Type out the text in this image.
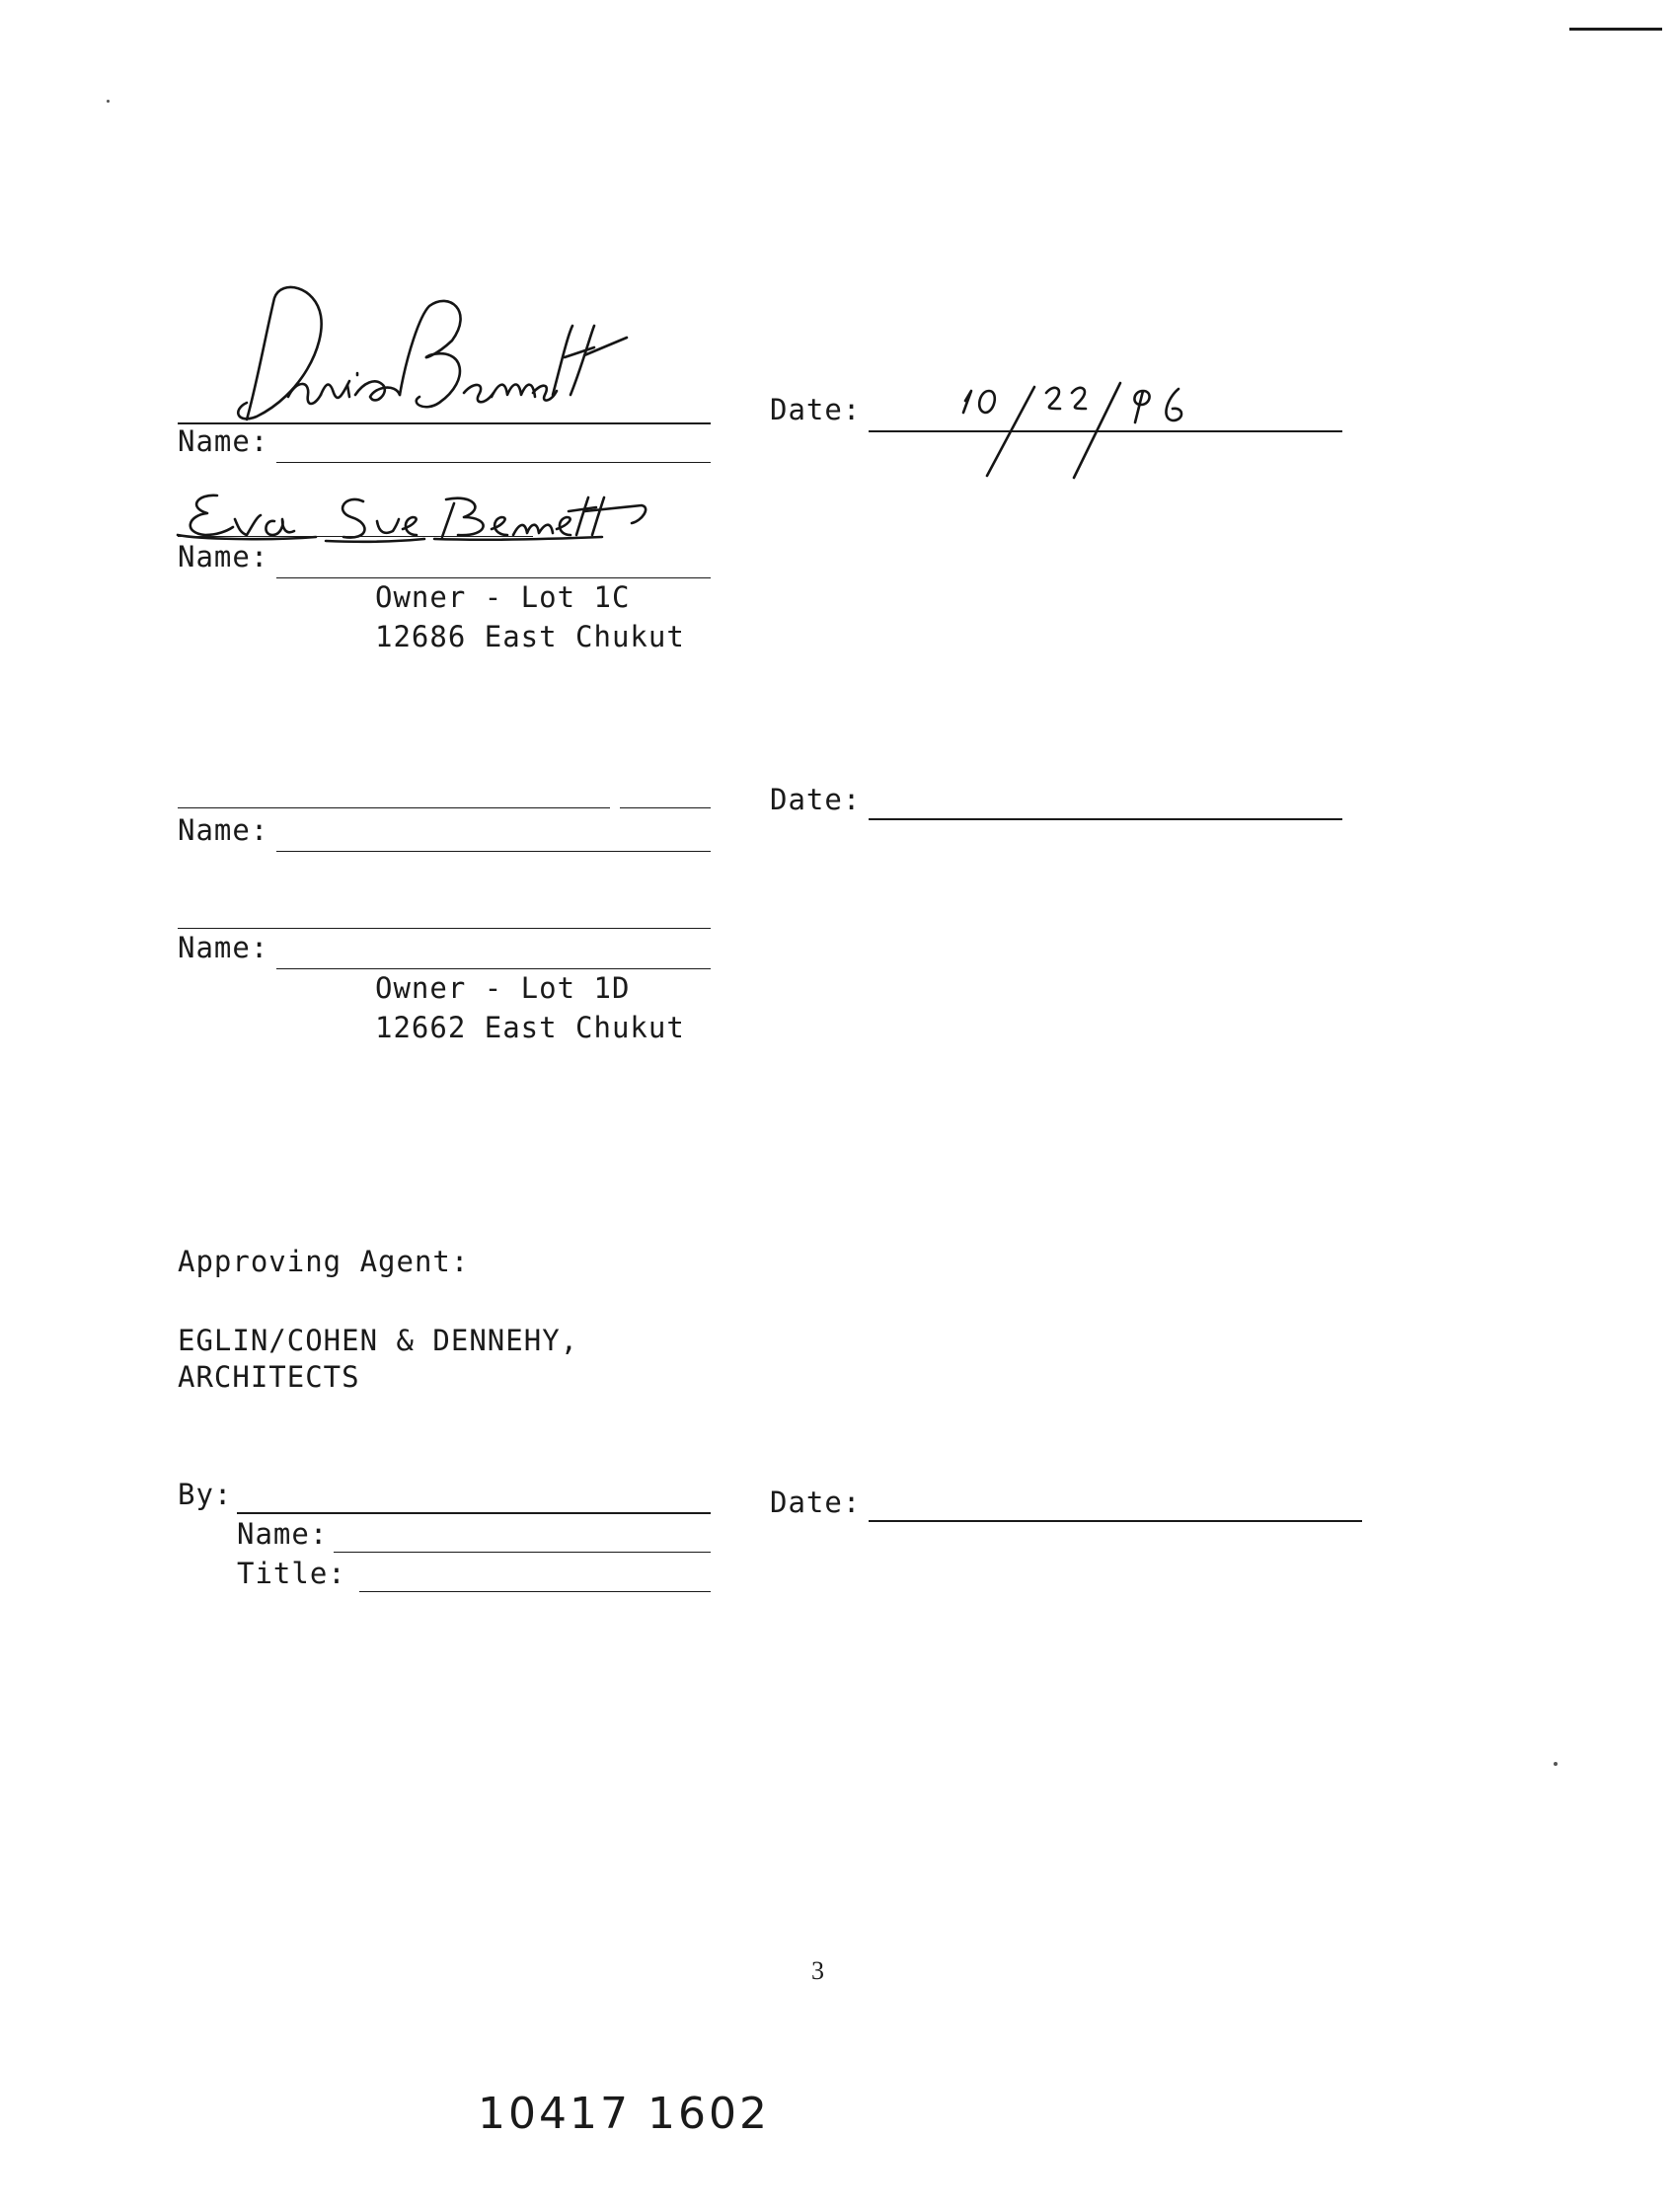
Name:
Date:
Name:
Owner - Lot 1C
12686 East Chukut
Name:
Date:
Name:
Owner - Lot 1D
12662 East Chukut
Approving Agent:
EGLIN/COHEN & DENNEHY,
ARCHITECTS
By:
Name:
Title:
Date:
3
10417 1602
